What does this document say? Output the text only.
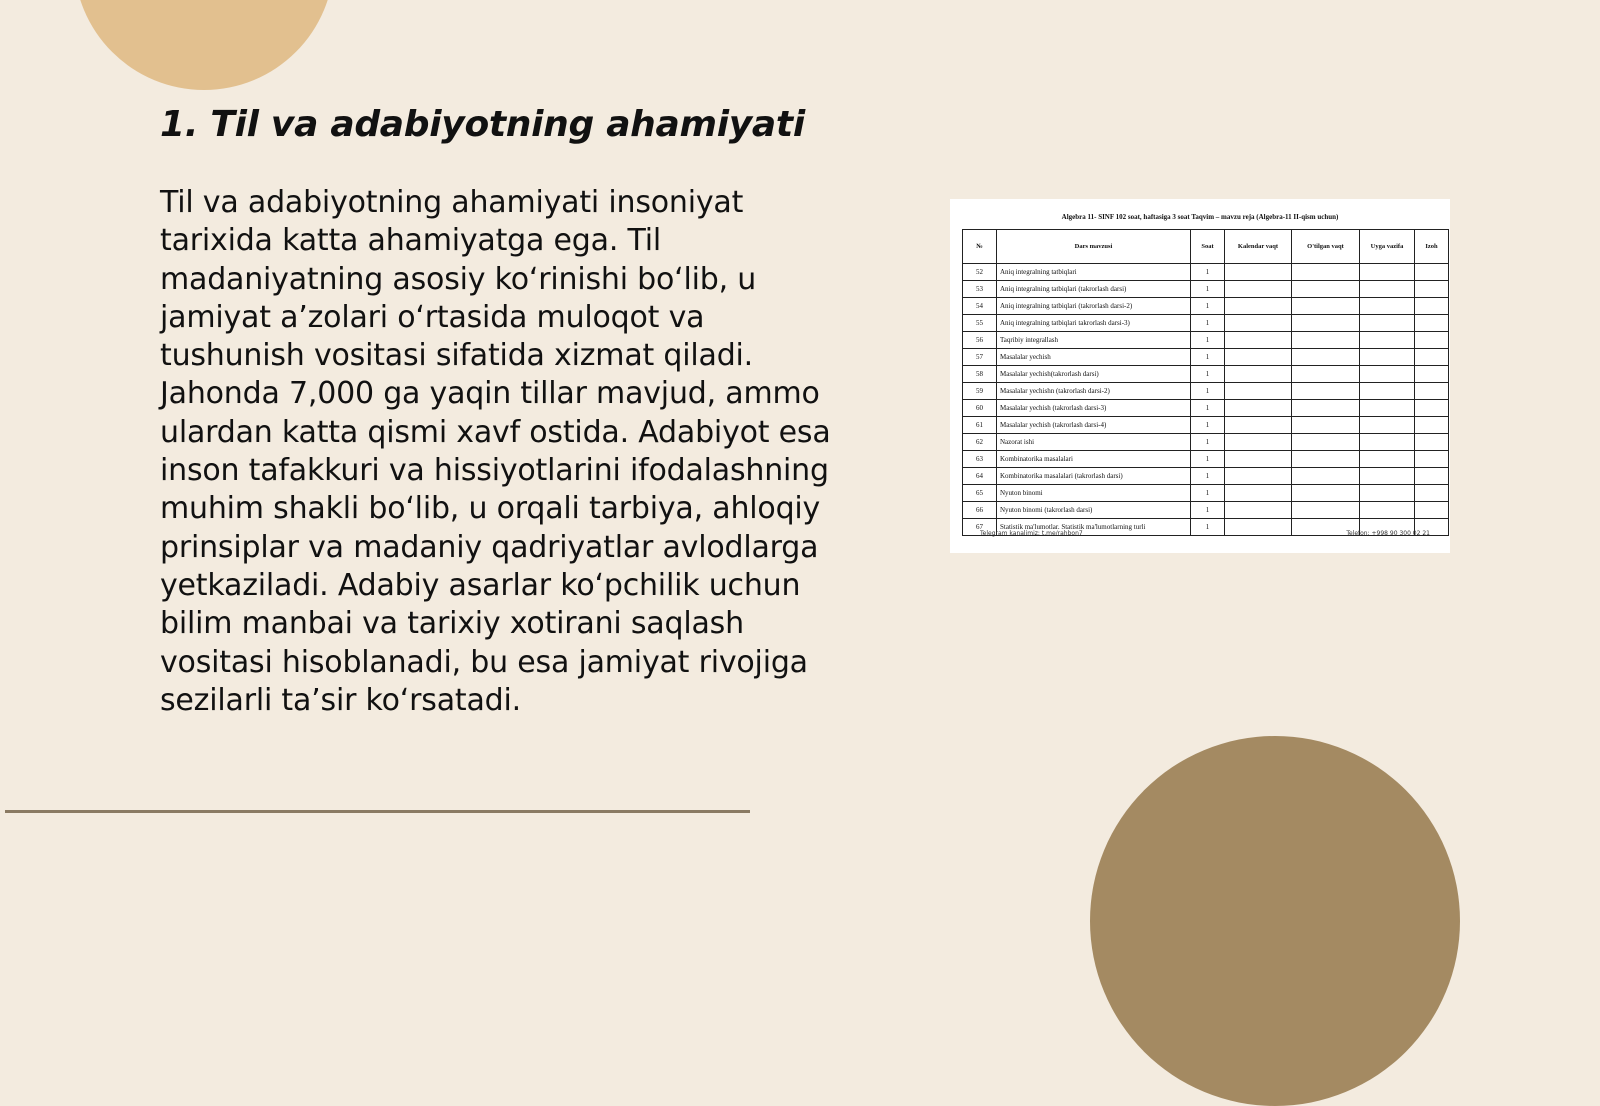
1. Til va adabiyotning ahamiyati
Til va adabiyotning ahamiyati insoniyat tarixida katta ahamiyatga ega. Til madaniyatning asosiy koʻrinishi boʻlib, u jamiyat aʼzolari oʻrtasida muloqot va tushunish vositasi sifatida xizmat qiladi. Jahonda 7,000 ga yaqin tillar mavjud, ammo ulardan katta qismi xavf ostida. Adabiyot esa inson tafakkuri va hissiyotlarini ifodalashning muhim shakli boʻlib, u orqali tarbiya, ahloqiy prinsiplar va madaniy qadriyatlar avlodlarga yetkaziladi. Adabiy asarlar koʻpchilik uchun bilim manbai va tarixiy xotirani saqlash vositasi hisoblanadi, bu esa jamiyat rivojiga sezilarli taʼsir koʻrsatadi.
Algebra 11- SINF 102 soat, haftasiga 3 soat Taqvim – mavzu reja (Algebra-11 II-qism uchun)
№	Dars mavzusi	Soat	Kalendar vaqt	O'tilgan vaqt	Uyga vazifa	Izoh
52	Aniq integralning tatbiqlari	1				
53	Aniq integralning tatbiqlari (takrorlash darsi)	1				
54	Aniq integralning tatbiqlari (takrorlash darsi-2)	1				
55	Aniq integralning tatbiqlari takrorlash darsi-3)	1				
56	Taqribiy integrallash	1				
57	Masalalar yechish	1				
58	Masalalar yechish(takrorlash darsi)	1				
59	Masalalar yechishn (takrorlash darsi-2)	1				
60	Masalalar yechish (takrorlash darsi-3)	1				
61	Masalalar yechish (takrorlash darsi-4)	1				
62	Nazorat ishi	1				
63	Kombinatorika masalalari	1				
64	Kombinatorika masalalari (takrorlash darsi)	1				
65	Nyuton binomi	1				
66	Nyuton binomi (takrorlash darsi)	1				
67	Statistik ma'lumotlar. Statistik ma'lumotlarning turli	1				
Telegram kanalimiz: t.me/rahbon7	Telefon: +998 90 300 02 21
